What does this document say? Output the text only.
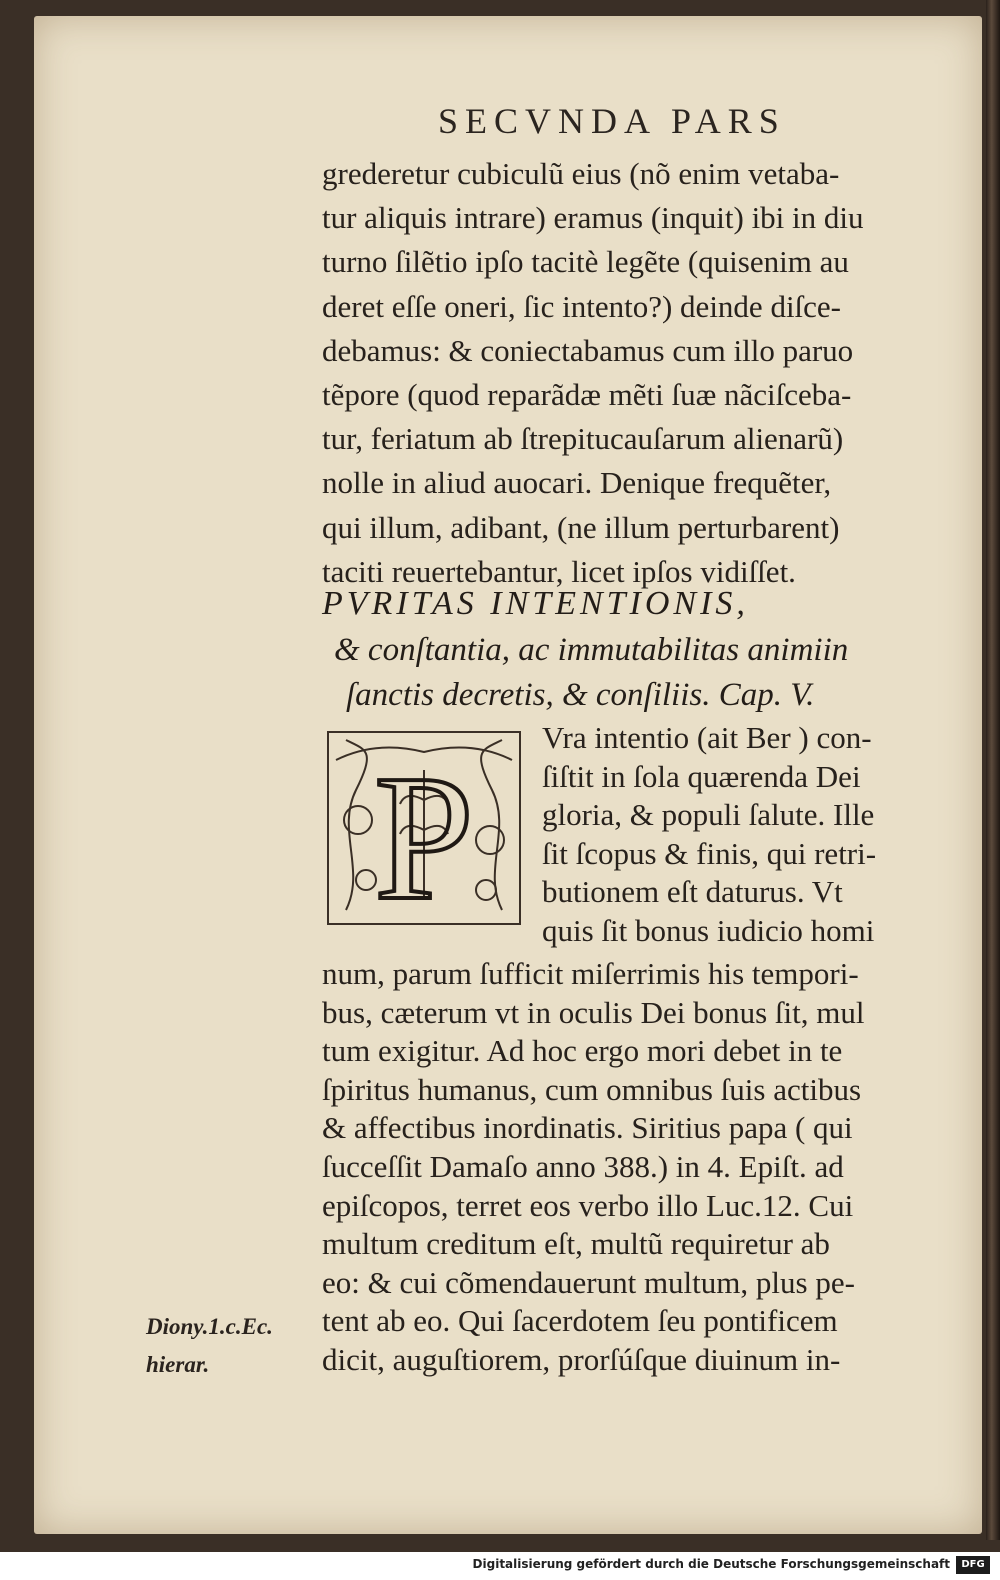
SECVNDA PARS
grederetur cubiculũ eius (nõ enim vetaba-
tur aliquis intrare) eramus (inquit) ibi in diu
turno ſilẽtio ipſo tacitè legẽte (quisenim au
deret eſſe oneri, ſic intento?) deinde diſce-
debamus: & coniectabamus cum illo paruo
tẽpore (quod reparãdæ mẽti ſuæ nãciſceba-
tur, feriatum ab ſtrepitucauſarum alienarũ)
nolle in aliud auocari. Denique frequẽter,
qui illum, adibant, (ne illum perturbarent)
taciti reuertebantur, licet ipſos vidiſſet.
PVRITAS INTENTIONIS,
& conſtantia, ac immutabilitas animiin
ſanctis decretis, & conſiliis. Cap. V.
P
Vra intentio (ait Ber ) con-
ſiſtit in ſola quærenda Dei
gloria, & populi ſalute. Ille
ſit ſcopus & finis, qui retri-
butionem eſt daturus. Vt
quis ſit bonus iudicio homi
num, parum ſufficit miſerrimis his tempori-
bus, cæterum vt in oculis Dei bonus ſit, mul
tum exigitur. Ad hoc ergo mori debet in te
ſpiritus humanus, cum omnibus ſuis actibus
& affectibus inordinatis. Siritius papa ( qui
ſucceſſit Damaſo anno 388.) in 4. Epiſt. ad
epiſcopos, terret eos verbo illo Luc.12. Cui
multum creditum eſt, multũ requiretur ab
eo: & cui cõmendauerunt multum, plus pe-
tent ab eo. Qui ſacerdotem ſeu pontificem
dicit, auguſtiorem, prorſúſque diuinum in-
Diony.1.c.Ec.
hierar.
Digitalisierung gefördert durch die Deutsche Forschungsgemeinschaft	DFG
